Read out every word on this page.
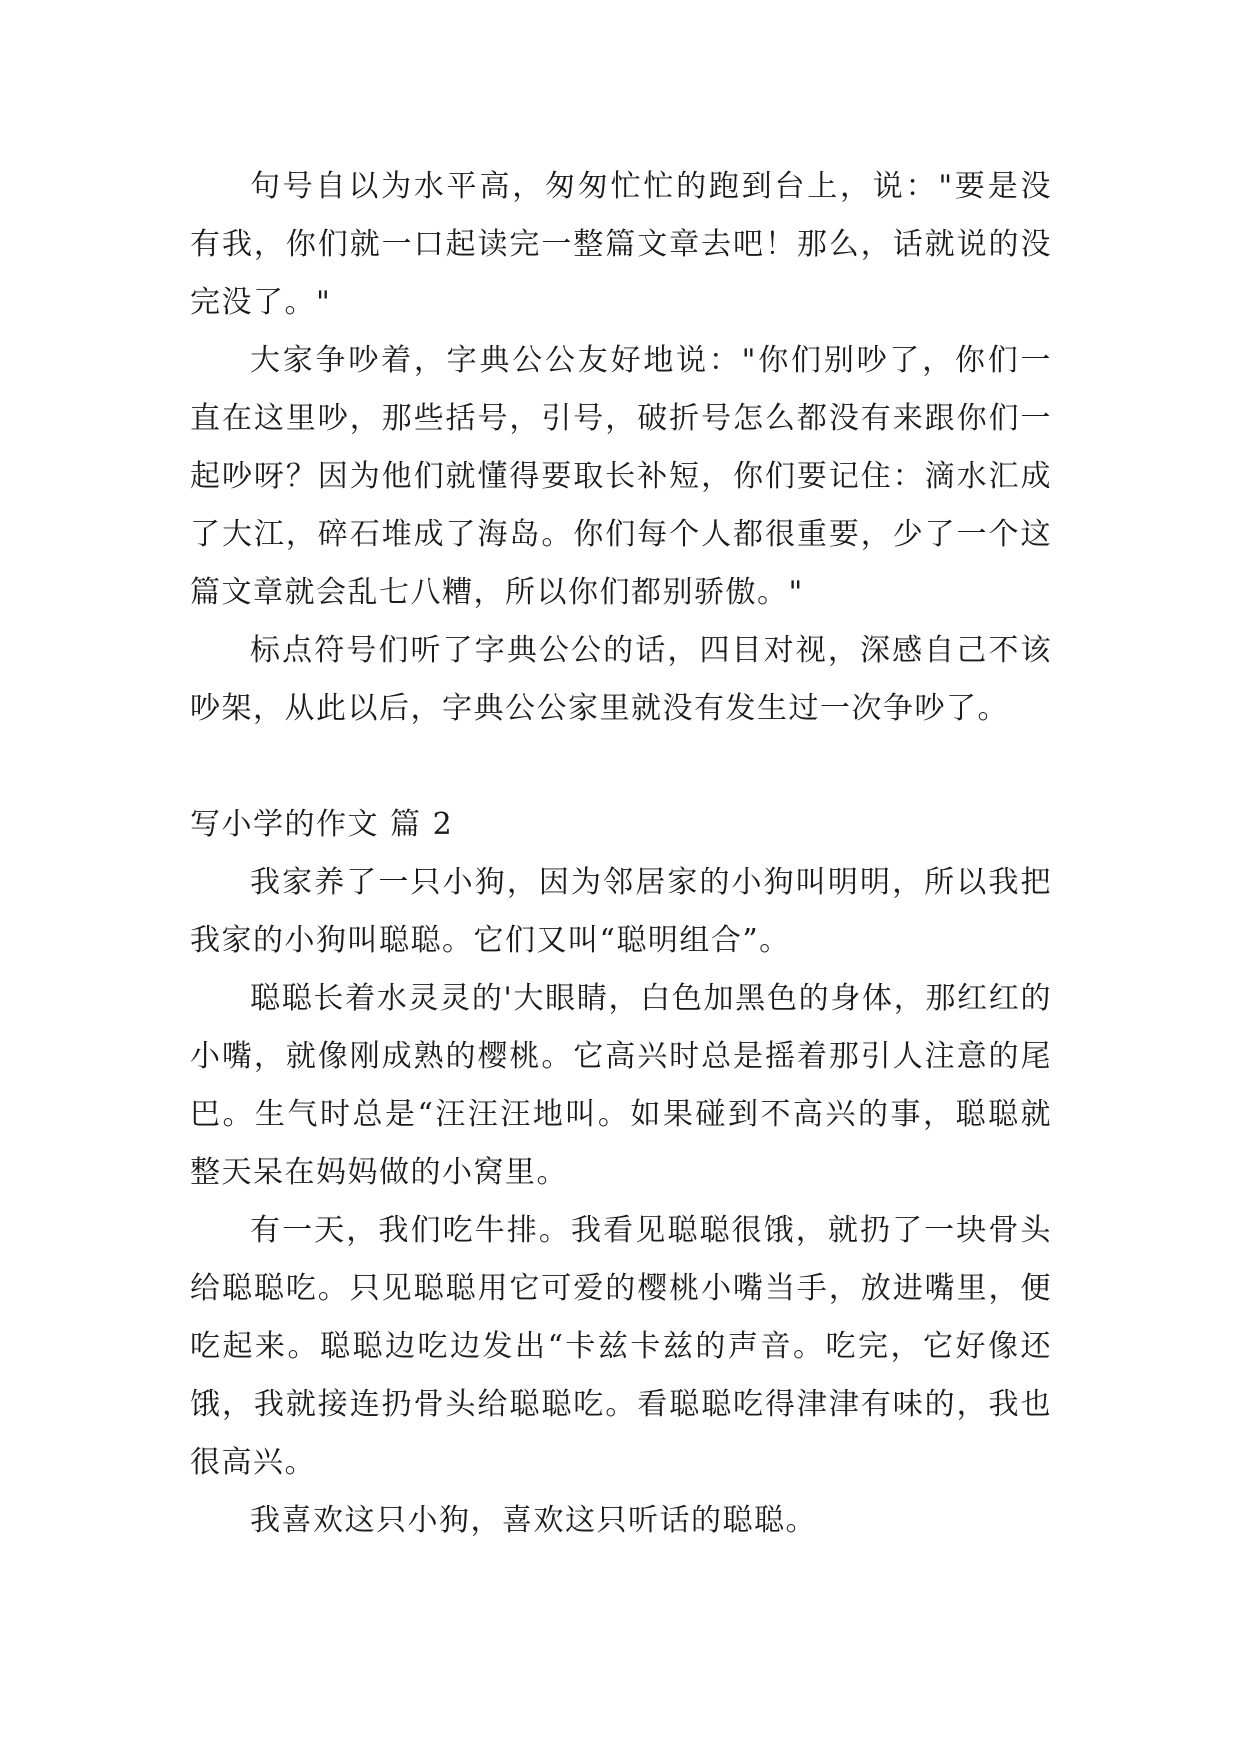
句号自以为水平高，匆匆忙忙的跑到台上，说："要是没有我，你们就一口起读完一整篇文章去吧！那么，话就说的没完没了。"

大家争吵着，字典公公友好地说："你们别吵了，你们一直在这里吵，那些括号，引号，破折号怎么都没有来跟你们一起吵呀？因为他们就懂得要取长补短，你们要记住：滴水汇成了大江，碎石堆成了海岛。你们每个人都很重要，少了一个这篇文章就会乱七八糟，所以你们都别骄傲。"

标点符号们听了字典公公的话，四目对视，深感自己不该吵架，从此以后，字典公公家里就没有发生过一次争吵了。

写小学的作文 篇 2

我家养了一只小狗，因为邻居家的小狗叫明明，所以我把我家的小狗叫聪聪。它们又叫“聪明组合”。

聪聪长着水灵灵的'大眼睛，白色加黑色的身体，那红红的小嘴，就像刚成熟的樱桃。它高兴时总是摇着那引人注意的尾巴。生气时总是“汪汪汪地叫。如果碰到不高兴的事，聪聪就整天呆在妈妈做的小窝里。

有一天，我们吃牛排。我看见聪聪很饿，就扔了一块骨头给聪聪吃。只见聪聪用它可爱的樱桃小嘴当手，放进嘴里，便吃起来。聪聪边吃边发出“卡兹卡兹的声音。吃完，它好像还饿，我就接连扔骨头给聪聪吃。看聪聪吃得津津有味的，我也很高兴。

我喜欢这只小狗，喜欢这只听话的聪聪。
